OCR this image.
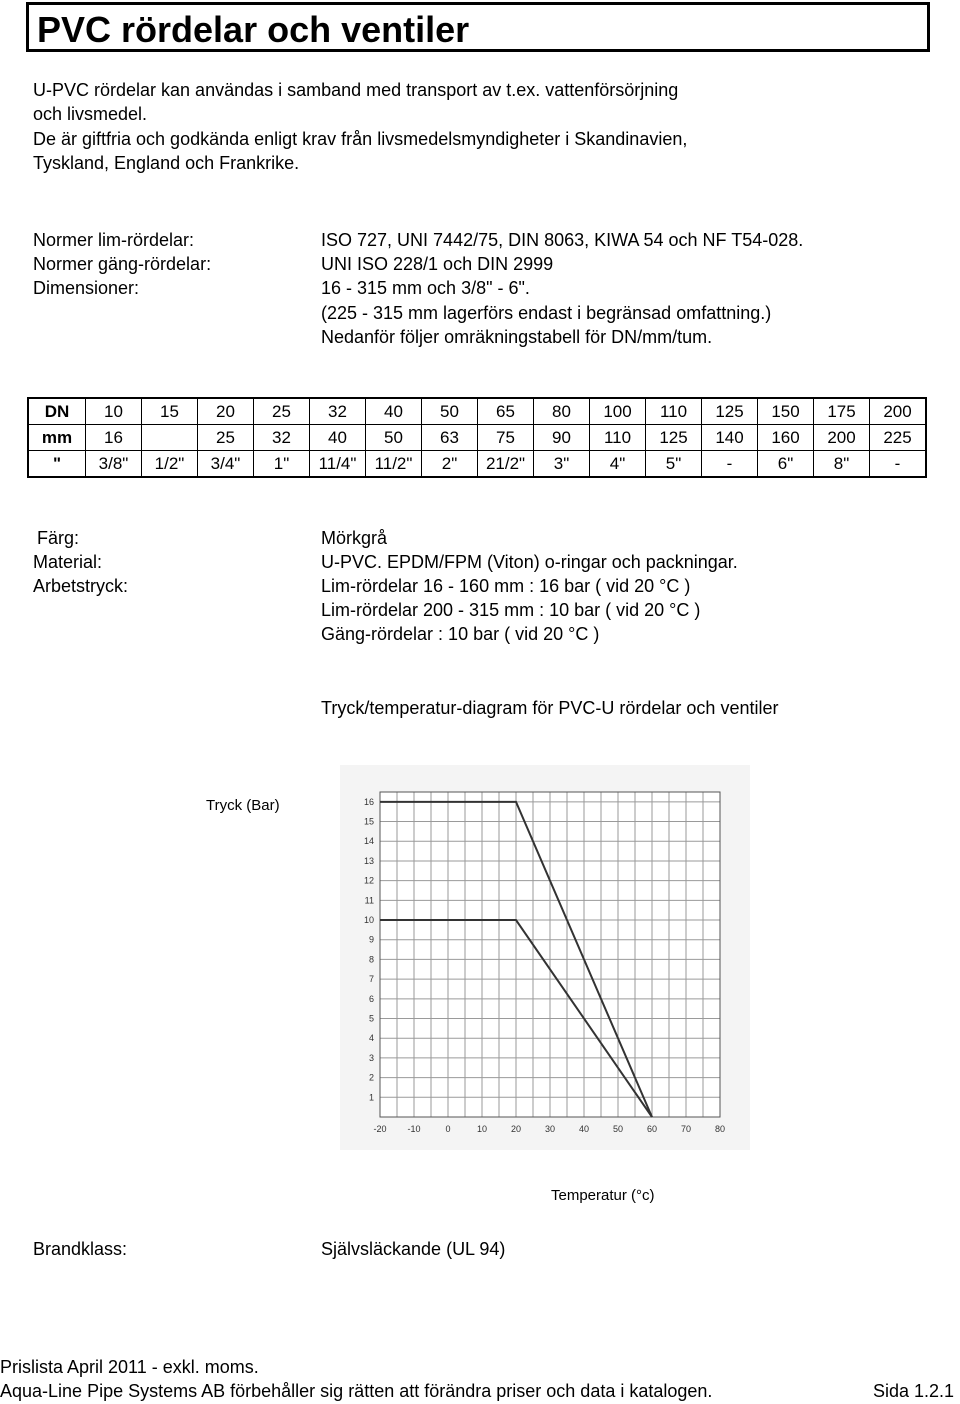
PVC rördelar och ventiler
U-PVC rördelar kan användas i samband med transport av t.ex. vattenförsörjning
och livsmedel.
De är giftfria och godkända enligt krav från livsmedelsmyndigheter i Skandinavien,
Tyskland, England och Frankrike.
Normer lim-rördelar:	ISO 727, UNI 7442/75, DIN 8063, KIWA 54 och NF T54-028.
Normer gäng-rördelar:	UNI ISO 228/1 och DIN 2999
Dimensioner:	16 - 315 mm och 3/8" - 6".
(225 - 315 mm lagerförs endast i begränsad omfattning.)
Nedanför följer omräkningstabell för DN/mm/tum.
DN	10	15	20	25	32	40	50	65	80	100	110	125	150	175	200
mm	16		25	32	40	50	63	75	90	110	125	140	160	200	225
"	3/8"	1/2"	3/4"	1"	11/4"	11/2"	2"	21/2"	3"	4"	5"	-	6"	8"	-
Färg:	Mörkgrå
Material:	U-PVC. EPDM/FPM (Viton) o-ringar och packningar.
Arbetstryck:	Lim-rördelar 16 - 160 mm : 16 bar ( vid 20 °C )
Lim-rördelar 200 - 315 mm : 10 bar ( vid 20 °C )
Gäng-rördelar : 10 bar ( vid 20 °C )
Tryck/temperatur-diagram för PVC-U rördelar och ventiler
Tryck (Bar)
1
2
3
4
5
6
7
8
9
10
11
12
13
14
15
16
-20 -10	0	10	20	30	40	50	60	70	80
Temperatur (°c)
Brandklass:	Självsläckande (UL 94)
Prislista April 2011 - exkl. moms.
Aqua-Line Pipe Systems AB förbehåller sig rätten att förändra priser och data i katalogen.	Sida 1.2.1
